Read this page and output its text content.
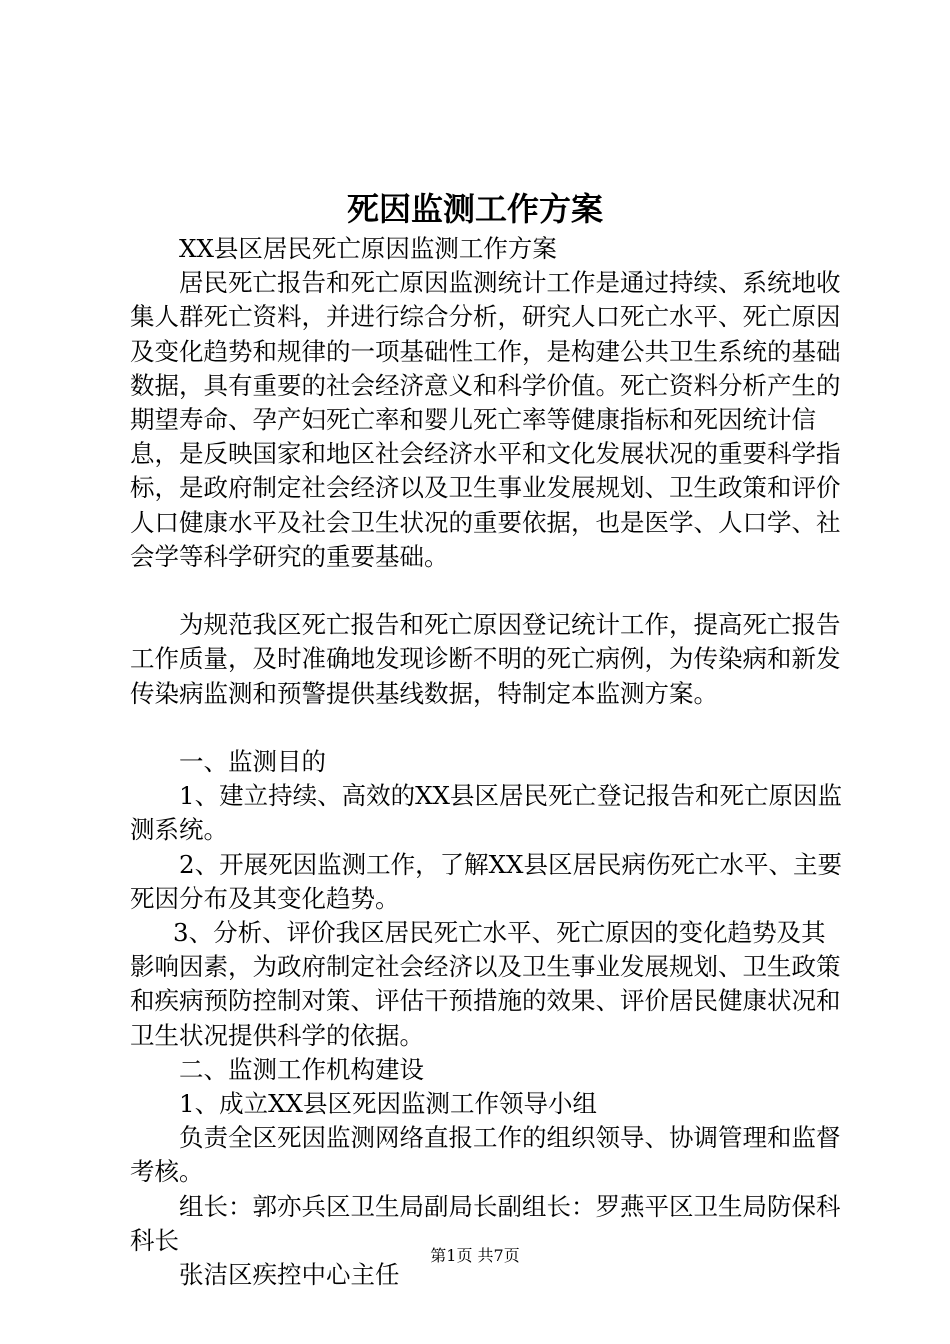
死因监测工作方案

XX县区居民死亡原因监测工作方案

居民死亡报告和死亡原因监测统计工作是通过持续、系统地收集人群死亡资料，并进行综合分析，研究人口死亡水平、死亡原因及变化趋势和规律的一项基础性工作，是构建公共卫生系统的基础数据，具有重要的社会经济意义和科学价值。死亡资料分析产生的期望寿命、孕产妇死亡率和婴儿死亡率等健康指标和死因统计信息，是反映国家和地区社会经济水平和文化发展状况的重要科学指标，是政府制定社会经济以及卫生事业发展规划、卫生政策和评价人口健康水平及社会卫生状况的重要依据，也是医学、人口学、社会学等科学研究的重要基础。

为规范我区死亡报告和死亡原因登记统计工作，提高死亡报告工作质量，及时准确地发现诊断不明的死亡病例，为传染病和新发传染病监测和预警提供基线数据，特制定本监测方案。

一、监测目的

1、建立持续、高效的XX县区居民死亡登记报告和死亡原因监测系统。

2、开展死因监测工作，了解XX县区居民病伤死亡水平、主要死因分布及其变化趋势。

3、分析、评价我区居民死亡水平、死亡原因的变化趋势及其影响因素，为政府制定社会经济以及卫生事业发展规划、卫生政策和疾病预防控制对策、评估干预措施的效果、评价居民健康状况和卫生状况提供科学的依据。

二、监测工作机构建设

1、成立XX县区死因监测工作领导小组

负责全区死因监测网络直报工作的组织领导、协调管理和监督考核。

组长：郭亦兵区卫生局副局长副组长：罗燕平区卫生局防保科科长

张洁区疾控中心主任

第1页 共7页
